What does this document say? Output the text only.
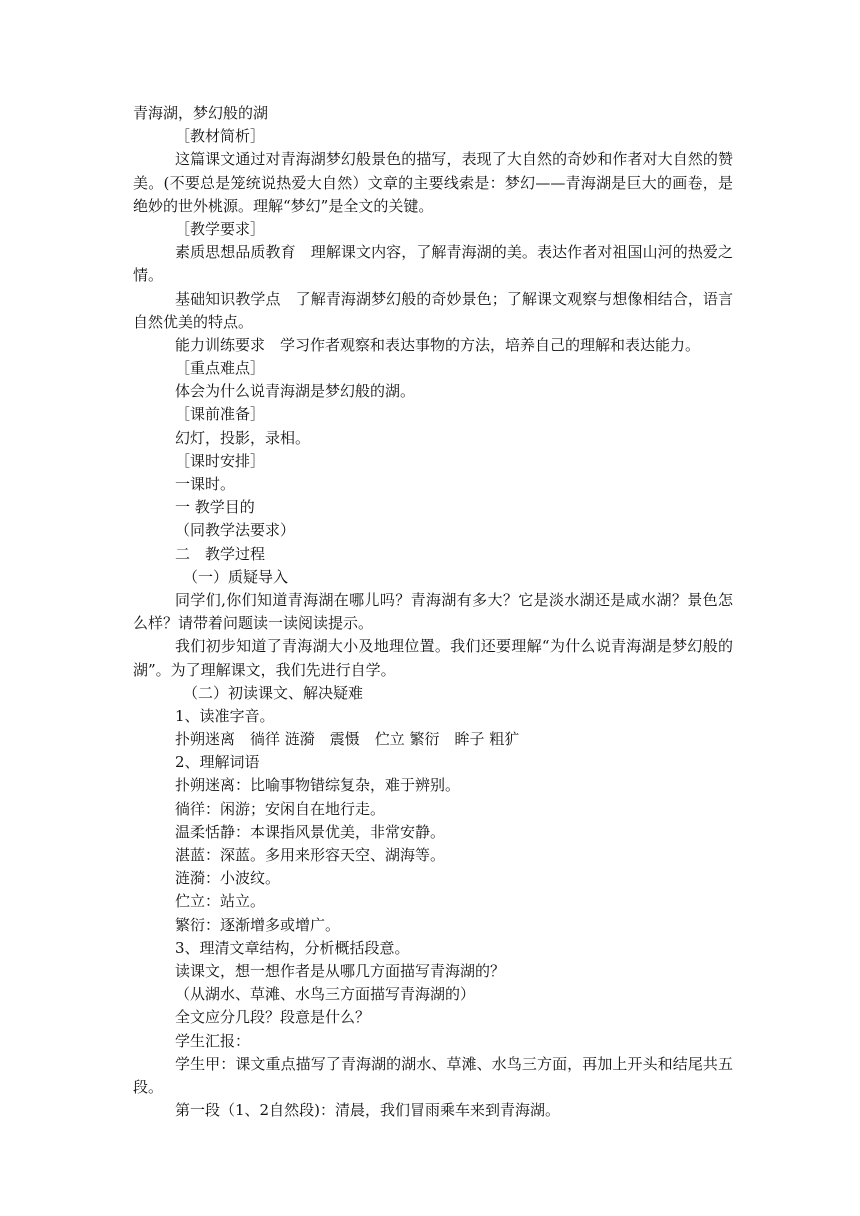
青海湖，梦幻般的湖
［教材简析］
这篇课文通过对青海湖梦幻般景色的描写，表现了大自然的奇妙和作者对大自然的赞
美。(不要总是笼统说热爱大自然）文章的主要线索是：梦幻——青海湖是巨大的画卷，是
绝妙的世外桃源。理解“梦幻”是全文的关键。
［教学要求］
素质思想品质教育　理解课文内容，了解青海湖的美。表达作者对祖国山河的热爱之
情。
基础知识教学点　了解青海湖梦幻般的奇妙景色；了解课文观察与想像相结合，语言
自然优美的特点。
能力训练要求　学习作者观察和表达事物的方法，培养自己的理解和表达能力。
［重点难点］
体会为什么说青海湖是梦幻般的湖。
［课前准备］
幻灯，投影，录相。
［课时安排］
一课时。
一 教学目的
（同教学法要求）
二　教学过程
（一）质疑导入
同学们,你们知道青海湖在哪儿吗？青海湖有多大？它是淡水湖还是咸水湖？景色怎
么样？请带着问题读一读阅读提示。
我们初步知道了青海湖大小及地理位置。我们还要理解“为什么说青海湖是梦幻般的
湖”。为了理解课文，我们先进行自学。
（二）初读课文、解决疑难
1、读准字音。
扑朔迷离　徜徉 涟漪　震慑　伫立 繁衍　眸子 粗犷
2、理解词语
扑朔迷离：比喻事物错综复杂，难于辨别。
徜徉：闲游；安闲自在地行走。
温柔恬静：本课指风景优美，非常安静。
湛蓝：深蓝。多用来形容天空、湖海等。
涟漪：小波纹。
伫立：站立。
繁衍：逐渐增多或增广。
3、理清文章结构，分析概括段意。
读课文，想一想作者是从哪几方面描写青海湖的？
（从湖水、草滩、水鸟三方面描写青海湖的）
全文应分几段？段意是什么？
学生汇报：
学生甲：课文重点描写了青海湖的湖水、草滩、水鸟三方面，再加上开头和结尾共五
段。
第一段（1、2自然段)：清晨，我们冒雨乘车来到青海湖。
